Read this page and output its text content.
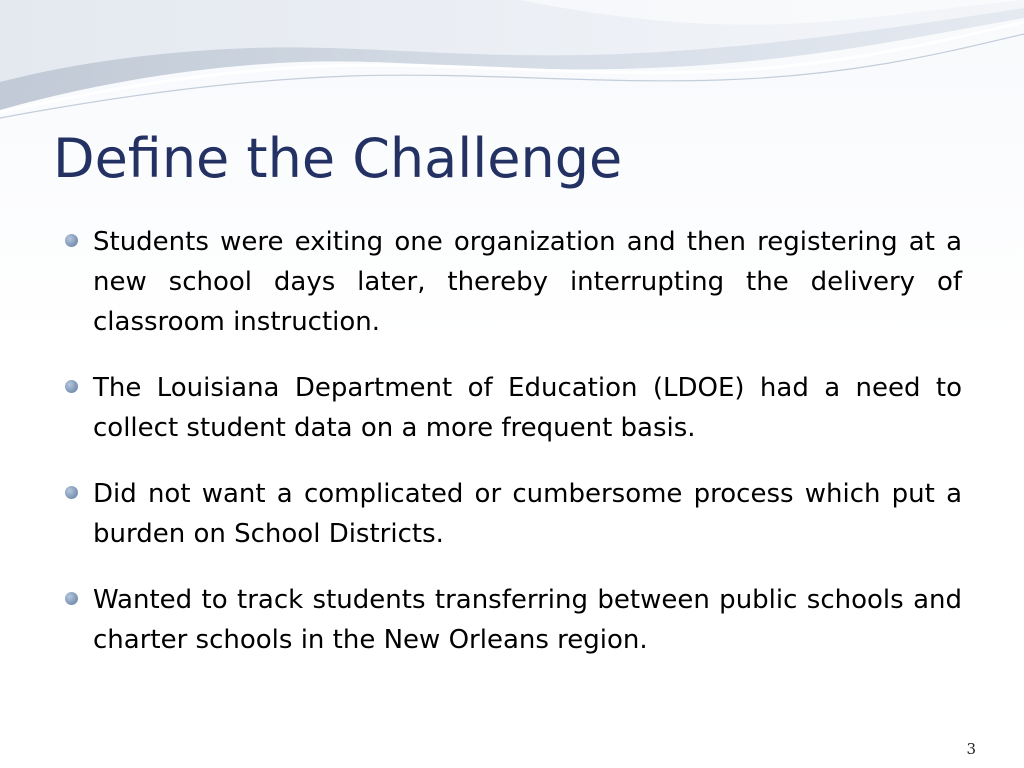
Define the Challenge
Students were exiting one organization and then registering at a new school days later, thereby interrupting the delivery of classroom instruction.
The Louisiana Department of Education (LDOE) had a need to collect student data on a more frequent basis.
Did not want a complicated or cumbersome process which put a burden on School Districts.
Wanted to track students transferring between public schools and charter schools in the New Orleans region.
3
